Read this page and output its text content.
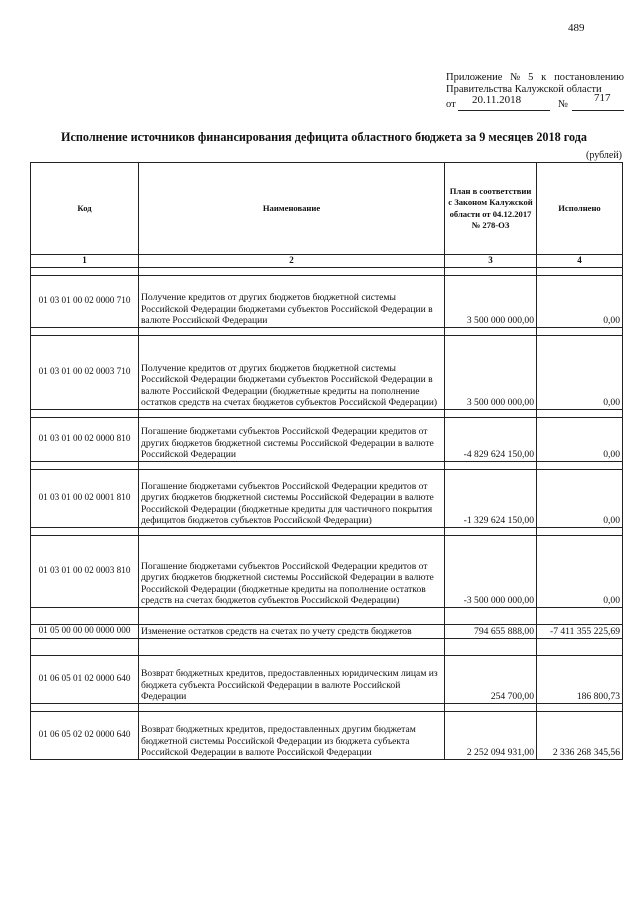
489
Приложение № 5 к постановлению
Правительства Калужской области
от 20.11.2018	№
717
Исполнение источников финансирования дефицита областного бюджета за 9 месяцев 2018 года
(рублей)
Код	Наименование	План в соответствии с Законом Калужской области от 04.12.2017 № 278-ОЗ	Исполнено
1	2	3	4

01 03 01 00 02 0000 710	Получение кредитов от других бюджетов бюджетной системы Российской Федерации бюджетами субъектов Российской Федерации в валюте Российской Федерации	3 500 000 000,00	0,00

01 03 01 00 02 0003 710	Получение кредитов от других бюджетов бюджетной системы Российской Федерации бюджетами субъектов Российской Федерации в валюте Российской Федерации (бюджетные кредиты на пополнение остатков средств на счетах бюджетов субъектов Российской Федерации)	3 500 000 000,00	0,00

01 03 01 00 02 0000 810	Погашение бюджетами субъектов Российской Федерации кредитов от других бюджетов бюджетной системы Российской Федерации в валюте Российской Федерации	-4 829 624 150,00	0,00

01 03 01 00 02 0001 810	Погашение бюджетами субъектов Российской Федерации кредитов от других бюджетов бюджетной системы Российской Федерации в валюте Российской Федерации (бюджетные кредиты для частичного покрытия дефицитов бюджетов субъектов Российской Федерации)	-1 329 624 150,00	0,00

01 03 01 00 02 0003 810	Погашение бюджетами субъектов Российской Федерации кредитов от других бюджетов бюджетной системы Российской Федерации в валюте Российской Федерации (бюджетные кредиты на пополнение остатков средств на счетах бюджетов субъектов Российской Федерации)	-3 500 000 000,00	0,00

01 05 00 00 00 0000 000	Изменение остатков средств на счетах по учету средств бюджетов	794 655 888,00	-7 411 355 225,69

01 06 05 01 02 0000 640	Возврат бюджетных кредитов, предоставленных юридическим лицам из бюджета субъекта Российской Федерации в валюте Российской Федерации	254 700,00	186 800,73

01 06 05 02 02 0000 640	Возврат бюджетных кредитов, предоставленных другим бюджетам бюджетной системы Российской Федерации из бюджета субъекта Российской Федерации в валюте Российской Федерации	2 252 094 931,00	2 336 268 345,56
